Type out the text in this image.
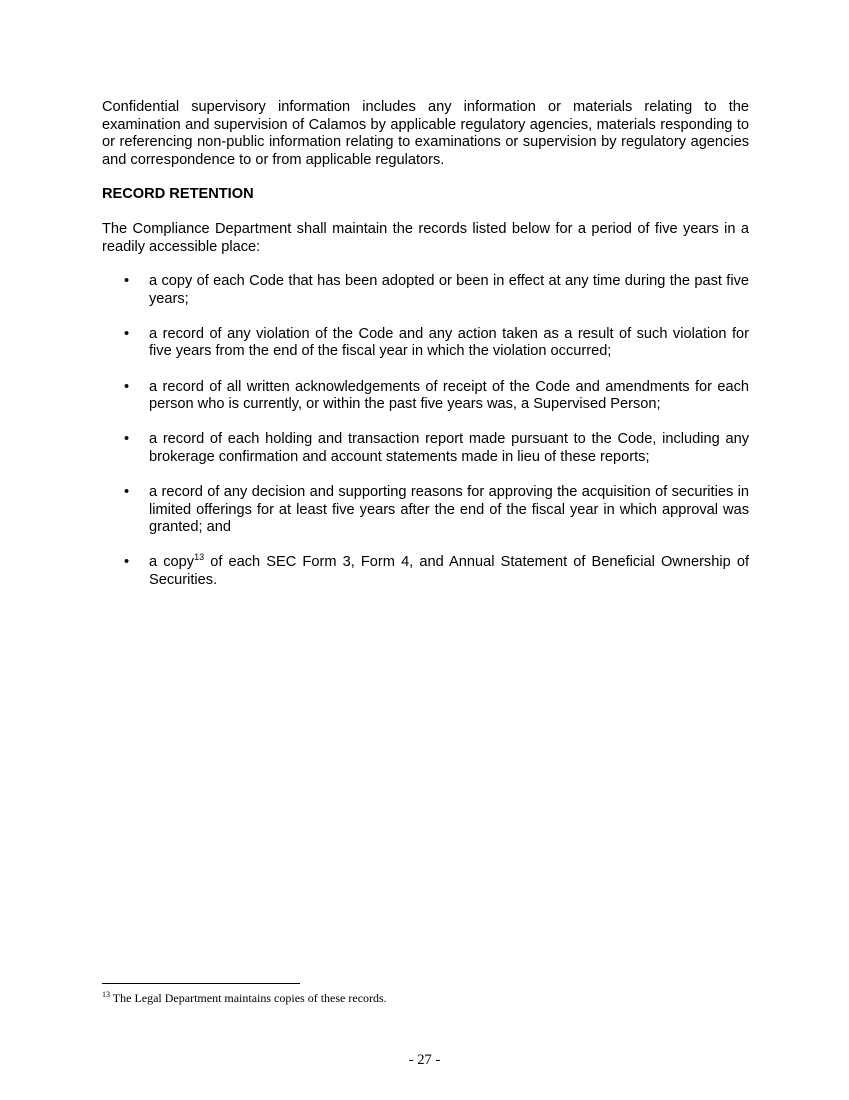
Confidential supervisory information includes any information or materials relating to the examination and supervision of Calamos by applicable regulatory agencies, materials responding to or referencing non-public information relating to examinations or supervision by regulatory agencies and correspondence to or from applicable regulators.

RECORD RETENTION

The Compliance Department shall maintain the records listed below for a period of five years in a readily accessible place:

• a copy of each Code that has been adopted or been in effect at any time during the past five years;
• a record of any violation of the Code and any action taken as a result of such violation for five years from the end of the fiscal year in which the violation occurred;
• a record of all written acknowledgements of receipt of the Code and amendments for each person who is currently, or within the past five years was, a Supervised Person;
• a record of each holding and transaction report made pursuant to the Code, including any brokerage confirmation and account statements made in lieu of these reports;
• a record of any decision and supporting reasons for approving the acquisition of securities in limited offerings for at least five years after the end of the fiscal year in which approval was granted; and
• a copy$^{13}$ of each SEC Form 3, Form 4, and Annual Statement of Beneficial Ownership of Securities.
$^{13}$ The Legal Department maintains copies of these records.
- 27 -
